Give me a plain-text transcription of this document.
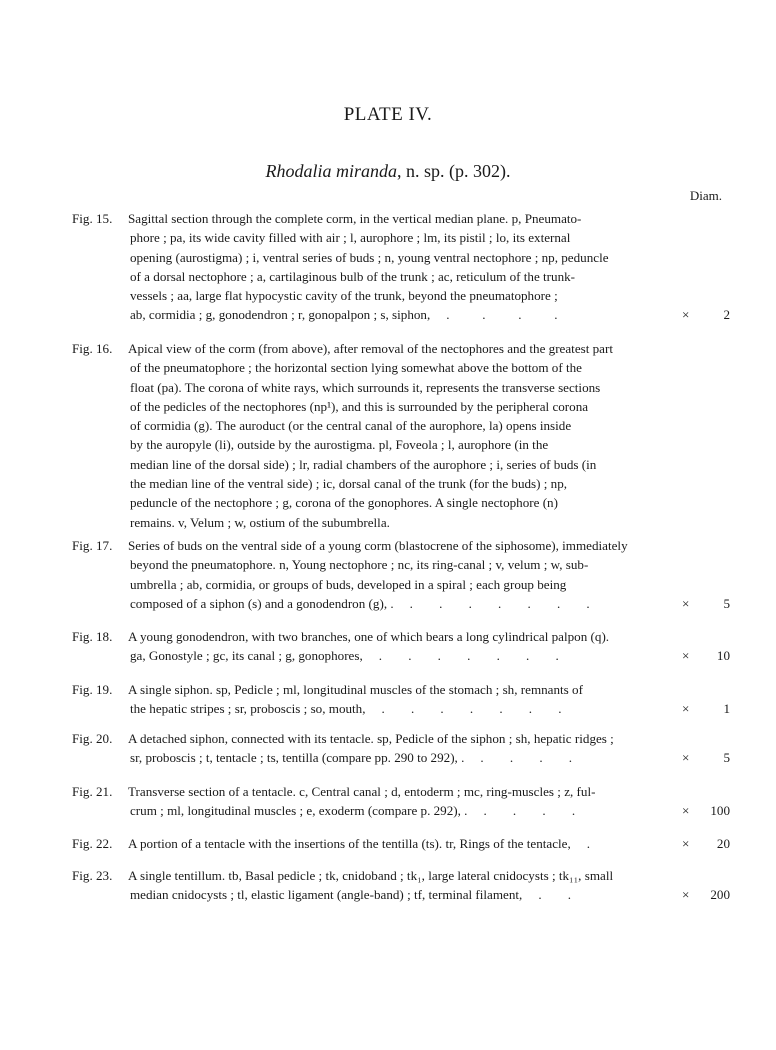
PLATE IV.
Rhodalia miranda, n. sp. (p. 302).
Diam.
Fig. 15. Sagittal section through the complete corm, in the vertical median plane. p, Pneumato-
phore ; pa, its wide cavity filled with air ; l, aurophore ; lm, its pistil ; lo, its external
opening (aurostigma) ; i, ventral series of buds ; n, young ventral nectophore ; np, peduncle
of a dorsal nectophore ; a, cartilaginous bulb of the trunk ; ac, reticulum of the trunk-
vessels ; aa, large flat hypocystic cavity of the trunk, beyond the pneumatophore ;
ab, cormidia ; g, gonodendron ; r, gonopalpon ; s, siphon, .          .          .          .	×	2
Fig. 16. Apical view of the corm (from above), after removal of the nectophores and the greatest part
of the pneumatophore ; the horizontal section lying somewhat above the bottom of the
float (pa). The corona of white rays, which surrounds it, represents the transverse sections
of the pedicles of the nectophores (np¹), and this is surrounded by the peripheral corona
of cormidia (g). The auroduct (or the central canal of the aurophore, la) opens inside
by the auropyle (li), outside by the aurostigma. pl, Foveola ; l, aurophore (in the
median line of the dorsal side) ; lr, radial chambers of the aurophore ; i, series of buds (in
the median line of the ventral side) ; ic, dorsal canal of the trunk (for the buds) ; np,
peduncle of the nectophore ; g, corona of the gonophores. A single nectophore (n)
remains. v, Velum ; w, ostium of the subumbrella.
Fig. 17. Series of buds on the ventral side of a young corm (blastocrene of the siphosome), immediately
beyond the pneumatophore. n, Young nectophore ; nc, its ring-canal ; v, velum ; w, sub-
umbrella ; ab, cormidia, or groups of buds, developed in a spiral ; each group being
composed of a siphon (s) and a gonodendron (g), . .        .        .        .        .        .        .	×	5
Fig. 18. A young gonodendron, with two branches, one of which bears a long cylindrical palpon (q).
ga, Gonostyle ; gc, its canal ; g, gonophores, .        .        .        .        .        .        .	× 10
Fig. 19. A single siphon. sp, Pedicle ; ml, longitudinal muscles of the stomach ; sh, remnants of
the hepatic stripes ; sr, proboscis ; so, mouth, .        .        .        .        .        .        .	×	1
Fig. 20. A detached siphon, connected with its tentacle. sp, Pedicle of the siphon ; sh, hepatic ridges ;
sr, proboscis ; t, tentacle ; ts, tentilla (compare pp. 290 to 292), . .        .        .        .	×	5
Fig. 21. Transverse section of a tentacle. c, Central canal ; d, entoderm ; mc, ring-muscles ; z, ful-
crum ; ml, longitudinal muscles ; e, exoderm (compare p. 292), . .        .        .        .	× 100
Fig. 22. A portion of a tentacle with the insertions of the tentilla (ts). tr, Rings of the tentacle, .	× 20
Fig. 23. A single tentillum. tb, Basal pedicle ; tk, cnidoband ; tk₁, large lateral cnidocysts ; tk₁₁, small
median cnidocysts ; tl, elastic ligament (angle-band) ; tf, terminal filament, .        .	× 200
